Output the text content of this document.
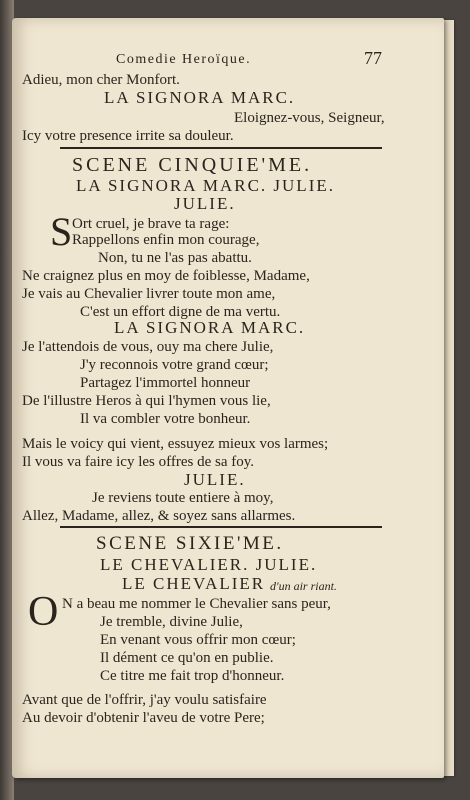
Comedie Heroïque.	77
Adieu, mon cher Monfort.
LA SIGNORA MARC.
Eloignez-vous, Seigneur,
Icy votre presence irrite sa douleur.
SCENE CINQUIE'ME.
LA SIGNORA MARC. JULIE.
JULIE.
S Ort cruel, je brave ta rage:
Rappellons enfin mon courage,
Non, tu ne l'as pas abattu.
Ne craignez plus en moy de foiblesse, Madame,
Je vais au Chevalier livrer toute mon ame,
C'est un effort digne de ma vertu.
LA SIGNORA MARC.
Je l'attendois de vous, ouy ma chere Julie,
J'y reconnois votre grand cœur;
Partagez l'immortel honneur
De l'illustre Heros à qui l'hymen vous lie,
Il va combler votre bonheur.
Mais le voicy qui vient, essuyez mieux vos larmes;
Il vous va faire icy les offres de sa foy.
JULIE.
Je reviens toute entiere à moy,
Allez, Madame, allez, & soyez sans allarmes.
SCENE SIXIE'ME.
LE CHEVALIER. JULIE.
LE CHEVALIER d'un air riant.
O N a beau me nommer le Chevalier sans peur,
Je tremble, divine Julie,
En venant vous offrir mon cœur;
Il dément ce qu'on en publie.
Ce titre me fait trop d'honneur.
Avant que de l'offrir, j'ay voulu satisfaire
Au devoir d'obtenir l'aveu de votre Pere;
